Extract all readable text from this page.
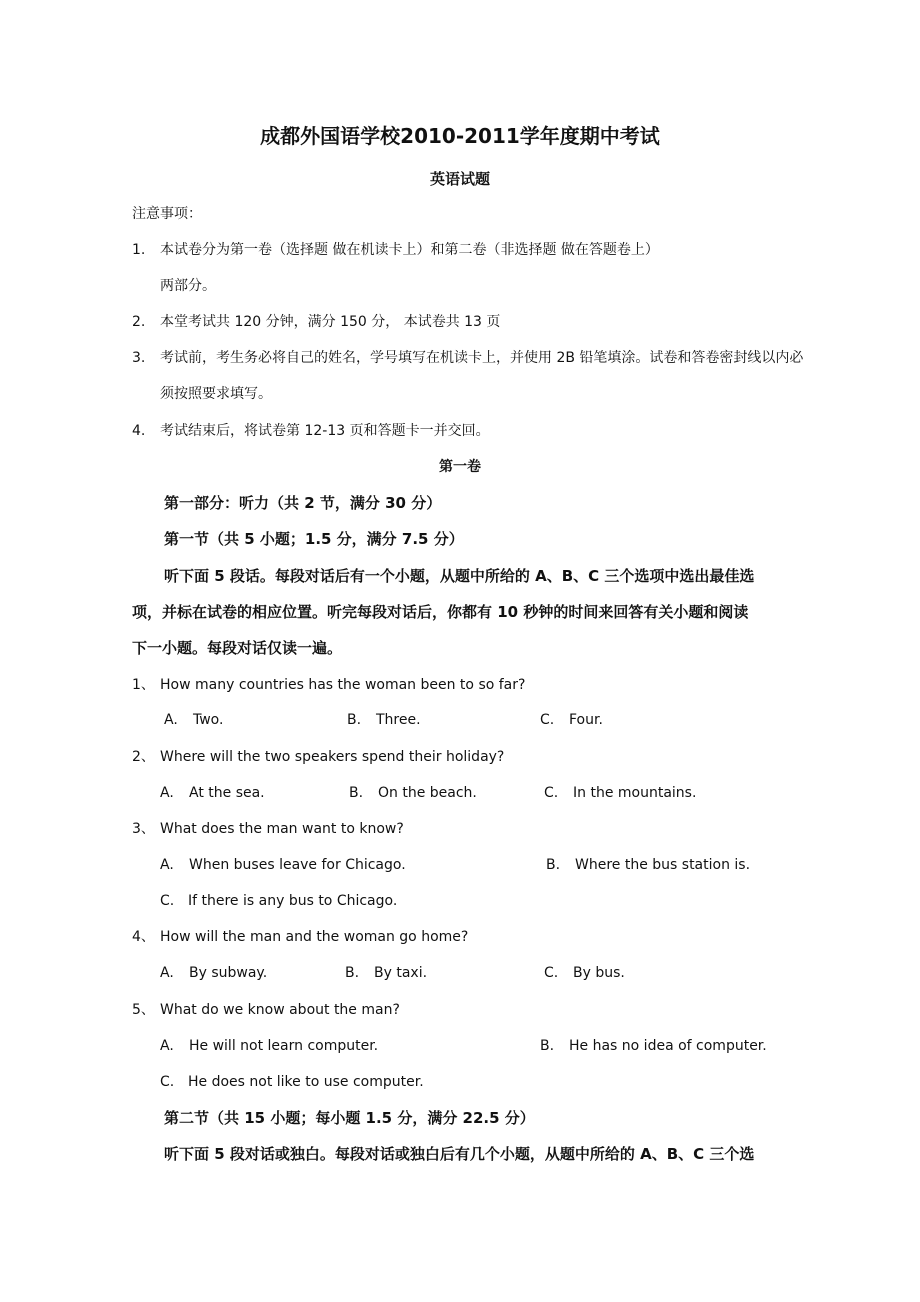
成都外国语学校2010-2011学年度期中考试
英语试题
注意事项：
1. 本试卷分为第一卷（选择题 做在机读卡上）和第二卷（非选择题 做在答题卷上）
两部分。
2. 本堂考试共 120 分钟，满分 150 分， 本试卷共 13 页
3. 考试前，考生务必将自己的姓名，学号填写在机读卡上，并使用 2B 铅笔填涂。试卷和答卷密封线以内必
须按照要求填写。
4. 考试结束后，将试卷第 12-13 页和答题卡一并交回。
第一卷
第一部分：听力（共 2 节，满分 30 分）
第一节（共 5 小题；1.5 分，满分 7.5 分）
听下面 5 段话。每段对话后有一个小题，从题中所给的 A、B、C 三个选项中选出最佳选
项，并标在试卷的相应位置。听完每段对话后，你都有 10 秒钟的时间来回答有关小题和阅读
下一小题。每段对话仅读一遍。
1、 How many countries has the woman been to so far?
A. Two.	B. Three.	C. Four.
2、 Where will the two speakers spend their holiday?
A. At the sea.	B. On the beach.	C. In the mountains.
3、 What does the man want to know?
A. When buses leave for Chicago.	B. Where the bus station is.
C. If there is any bus to Chicago.
4、 How will the man and the woman go home?
A. By subway.	B. By taxi.	C. By bus.
5、 What do we know about the man?
A. He will not learn computer.	B. He has no idea of computer.
C. He does not like to use computer.
第二节（共 15 小题；每小题 1.5 分，满分 22.5 分）
听下面 5 段对话或独白。每段对话或独白后有几个小题，从题中所给的 A、B、C 三个选
